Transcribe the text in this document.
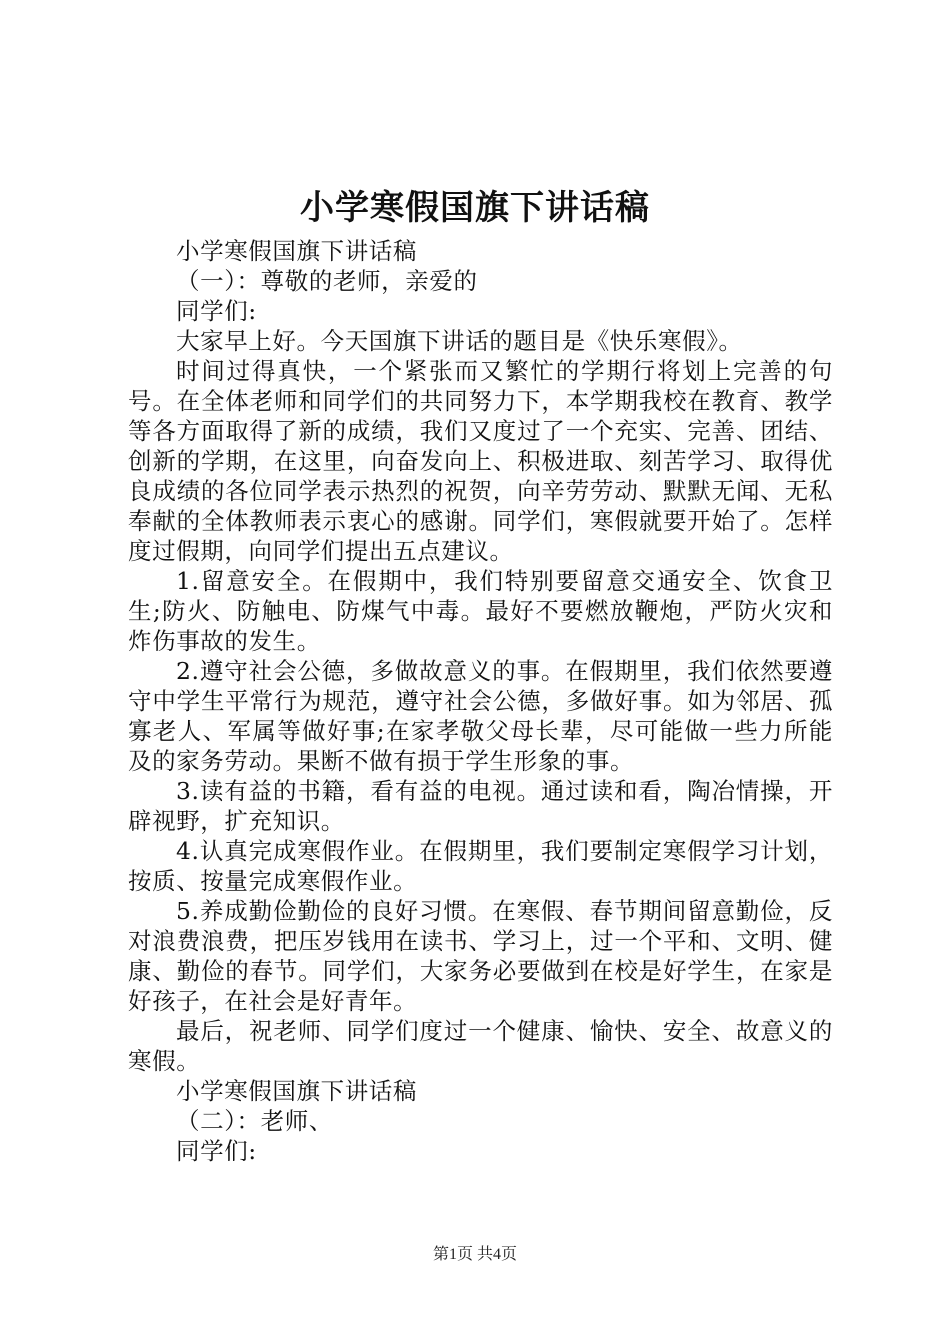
小学寒假国旗下讲话稿

小学寒假国旗下讲话稿

（一）：尊敬的老师，亲爱的

同学们:

大家早上好。今天国旗下讲话的题目是《快乐寒假》。

时间过得真快，一个紧张而又繁忙的学期行将划上完善的句号。在全体老师和同学们的共同努力下，本学期我校在教育、教学等各方面取得了新的成绩，我们又度过了一个充实、完善、团结、创新的学期，在这里，向奋发向上、积极进取、刻苦学习、取得优良成绩的各位同学表示热烈的祝贺，向辛劳劳动、默默无闻、无私奉献的全体教师表示衷心的感谢。同学们，寒假就要开始了。怎样度过假期，向同学们提出五点建议。

1.留意安全。在假期中，我们特别要留意交通安全、饮食卫生;防火、防触电、防煤气中毒。最好不要燃放鞭炮，严防火灾和炸伤事故的发生。

2.遵守社会公德，多做故意义的事。在假期里，我们依然要遵守中学生平常行为规范，遵守社会公德，多做好事。如为邻居、孤寡老人、军属等做好事;在家孝敬父母长辈，尽可能做一些力所能及的家务劳动。果断不做有损于学生形象的事。

3.读有益的书籍，看有益的电视。通过读和看，陶冶情操，开辟视野，扩充知识。

4.认真完成寒假作业。在假期里，我们要制定寒假学习计划，按质、按量完成寒假作业。

5.养成勤俭勤俭的良好习惯。在寒假、春节期间留意勤俭，反对浪费浪费，把压岁钱用在读书、学习上，过一个平和、文明、健康、勤俭的春节。同学们，大家务必要做到在校是好学生，在家是好孩子，在社会是好青年。

最后，祝老师、同学们度过一个健康、愉快、安全、故意义的寒假。

小学寒假国旗下讲话稿

（二）：老师、

同学们:

第1页 共4页
